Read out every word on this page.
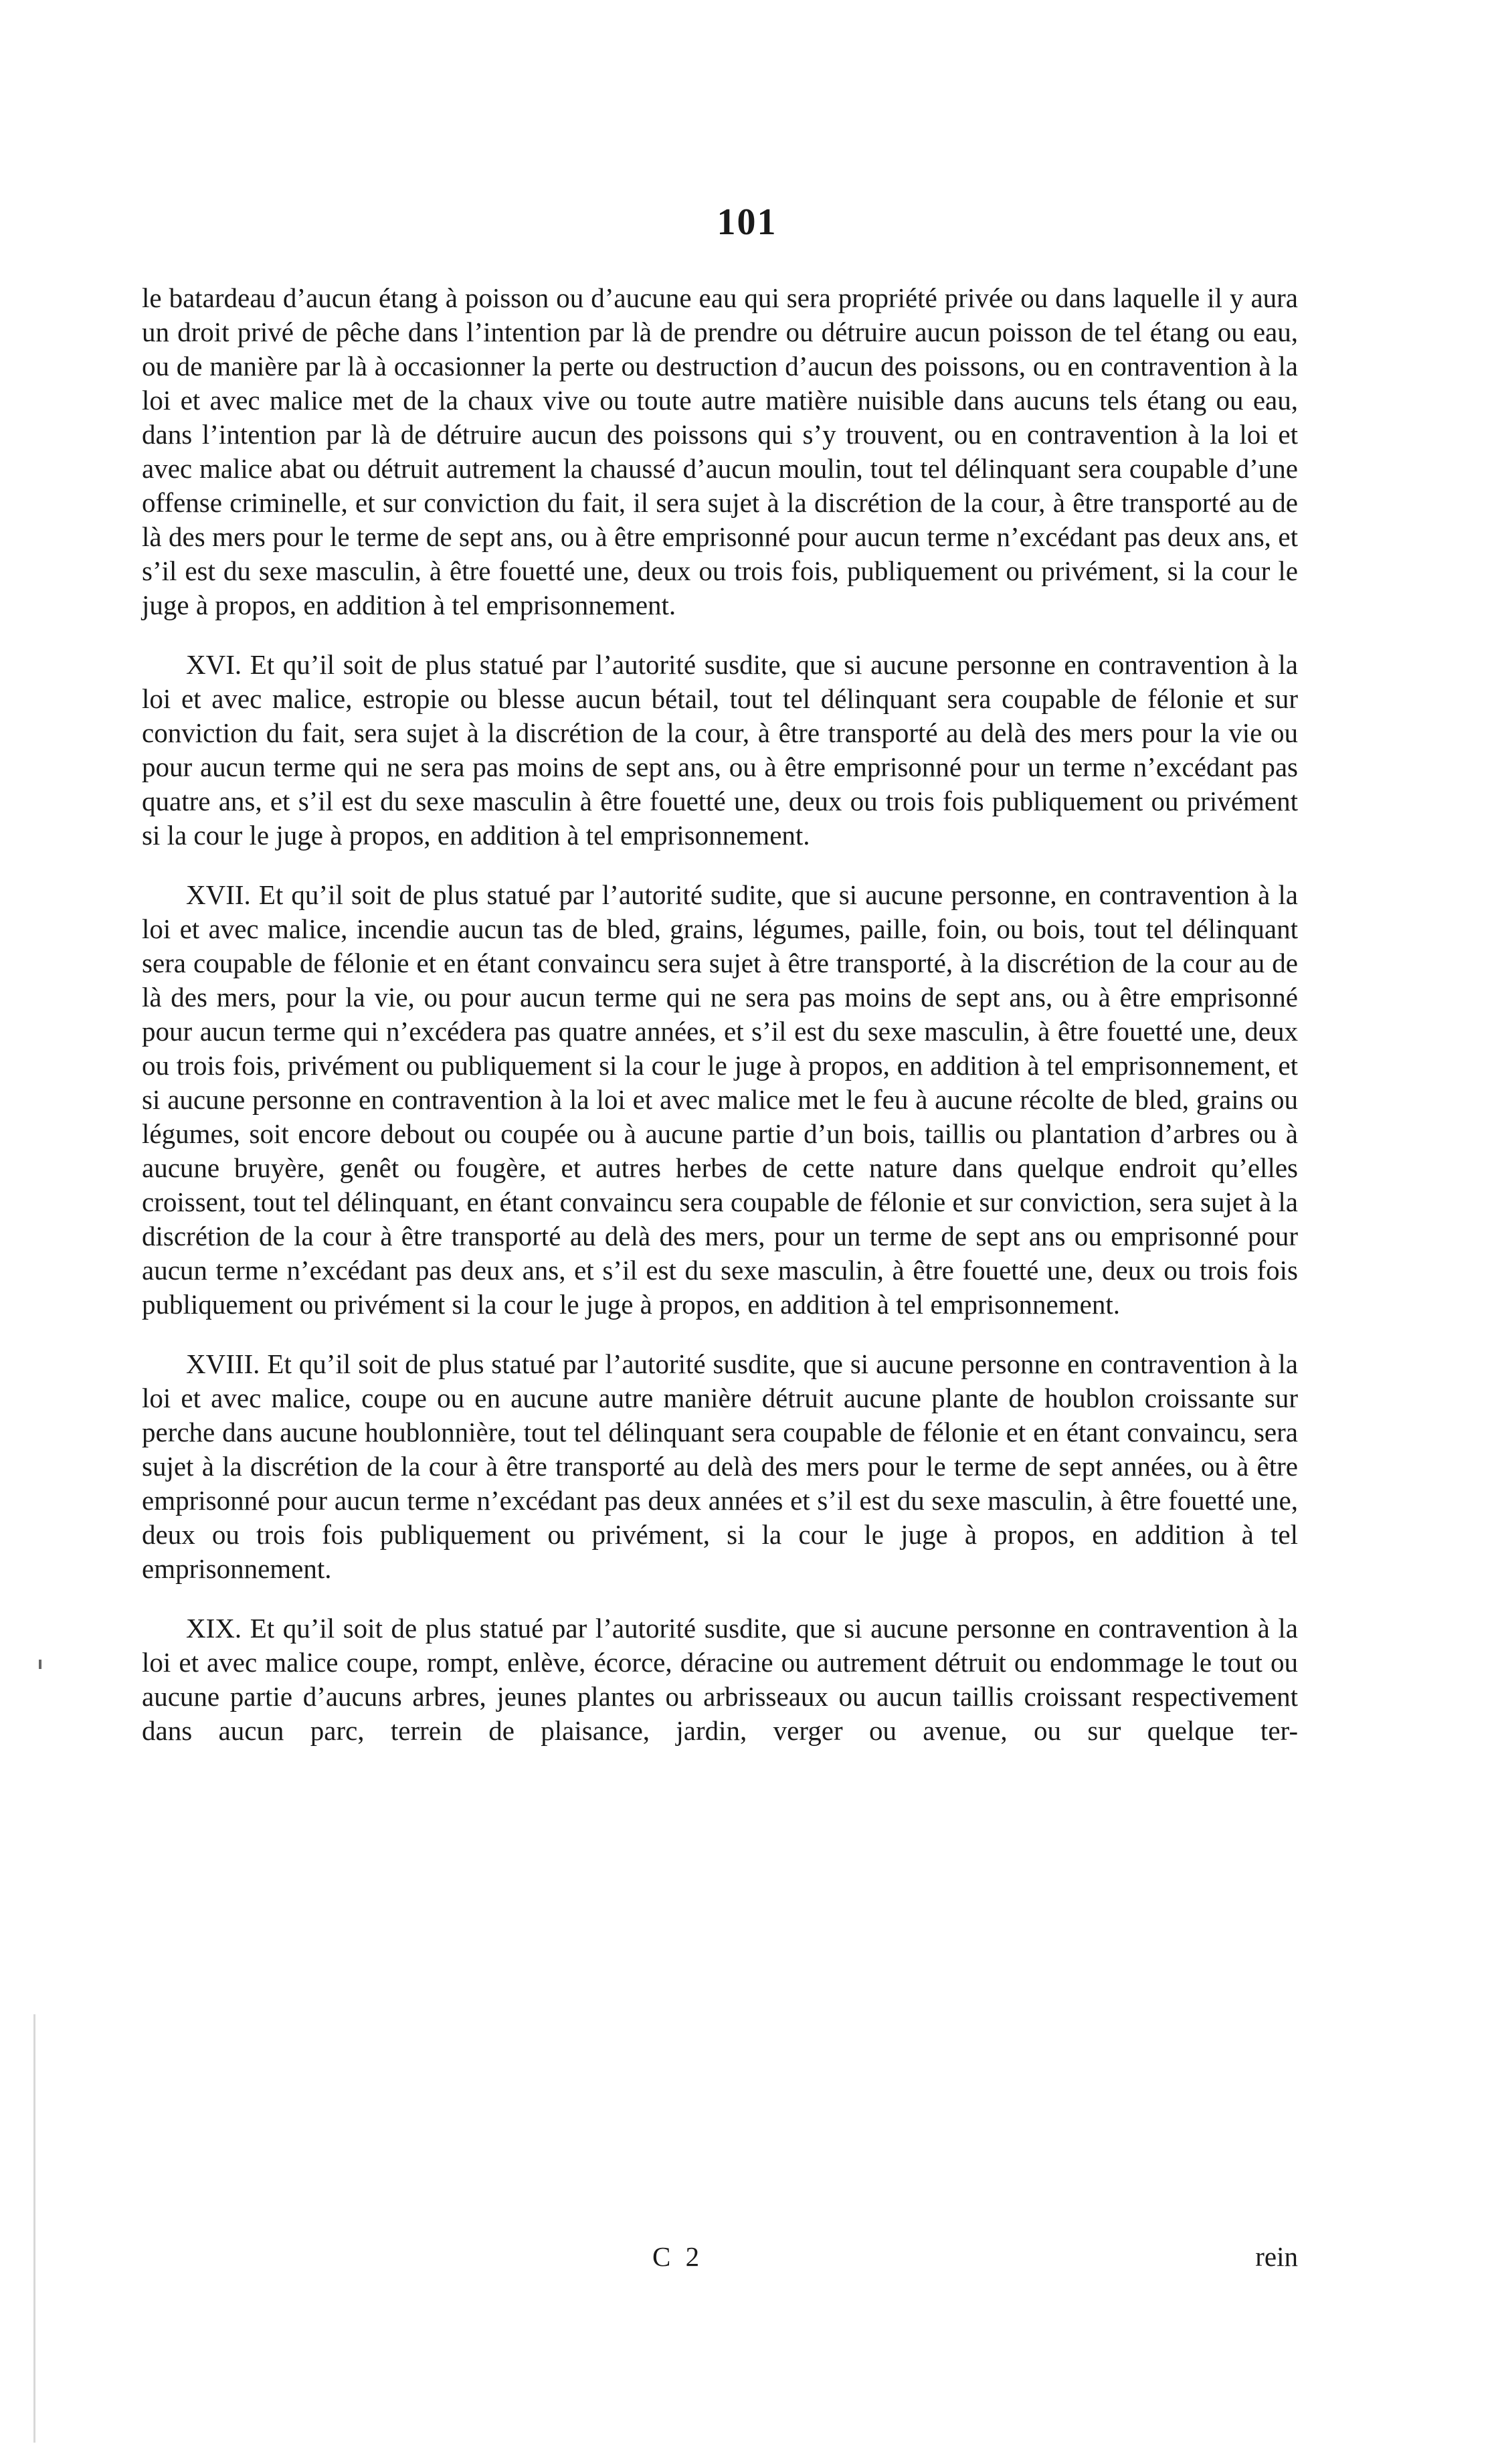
101

le batardeau d’aucun étang à poisson ou d’aucune eau qui sera propriété privée ou dans laquelle il y aura un droit privé de pêche dans l’intention par là de prendre ou détruire aucun poisson de tel étang ou eau, ou de manière par là à occasionner la perte ou destruction d’aucun des poissons, ou en contravention à la loi et avec malice met de la chaux vive ou toute autre matière nuisible dans aucuns tels étang ou eau, dans l’intention par là de détruire aucun des poissons qui s’y trouvent, ou en contravention à la loi et avec malice abat ou détruit autrement la chaussé d’aucun moulin, tout tel délinquant sera coupable d’une offense criminelle, et sur conviction du fait, il sera sujet à la discrétion de la cour, à être transporté au de là des mers pour le terme de sept ans, ou à être emprisonné pour aucun terme n’excédant pas deux ans, et s’il est du sexe masculin, à être fouetté une, deux ou trois fois, publiquement ou privément, si la cour le juge à propos, en addition à tel emprisonnement.

XVI. Et qu’il soit de plus statué par l’autorité susdite, que si aucune personne en contravention à la loi et avec malice, estropie ou blesse aucun bétail, tout tel délinquant sera coupable de félonie et sur conviction du fait, sera sujet à la discrétion de la cour, à être transporté au delà des mers pour la vie ou pour aucun terme qui ne sera pas moins de sept ans, ou à être emprisonné pour un terme n’excédant pas quatre ans, et s’il est du sexe masculin à être fouetté une, deux ou trois fois publiquement ou privément si la cour le juge à propos, en addition à tel emprisonnement.

XVII. Et qu’il soit de plus statué par l’autorité sudite, que si aucune personne, en contravention à la loi et avec malice, incendie aucun tas de bled, grains, légumes, paille, foin, ou bois, tout tel délinquant sera coupable de félonie et en étant convaincu sera sujet à être transporté, à la discrétion de la cour au de là des mers, pour la vie, ou pour aucun terme qui ne sera pas moins de sept ans, ou à être emprisonné pour aucun terme qui n’excédera pas quatre années, et s’il est du sexe masculin, à être fouetté une, deux ou trois fois, privément ou publiquement si la cour le juge à propos, en addition à tel emprisonnement, et si aucune personne en contravention à la loi et avec malice met le feu à aucune récolte de bled, grains ou légumes, soit encore debout ou coupée ou à aucune partie d’un bois, taillis ou plantation d’arbres ou à aucune bruyère, genêt ou fougère, et autres herbes de cette nature dans quelque endroit qu’elles croissent, tout tel délinquant, en étant convaincu sera coupable de félonie et sur conviction, sera sujet à la discrétion de la cour à être transporté au delà des mers, pour un terme de sept ans ou emprisonné pour aucun terme n’excédant pas deux ans, et s’il est du sexe masculin, à être fouetté une, deux ou trois fois publiquement ou privément si la cour le juge à propos, en addition à tel emprisonnement.

XVIII. Et qu’il soit de plus statué par l’autorité susdite, que si aucune personne en contravention à la loi et avec malice, coupe ou en aucune autre manière détruit aucune plante de houblon croissante sur perche dans aucune houblonnière, tout tel délinquant sera coupable de félonie et en étant convaincu, sera sujet à la discrétion de la cour à être transporté au delà des mers pour le terme de sept années, ou à être emprisonné pour aucun terme n’excédant pas deux années et s’il est du sexe masculin, à être fouetté une, deux ou trois fois publiquement ou privément, si la cour le juge à propos, en addition à tel emprisonnement.

XIX. Et qu’il soit de plus statué par l’autorité susdite, que si aucune personne en contravention à la loi et avec malice coupe, rompt, enlève, écorce, déracine ou autrement détruit ou endommage le tout ou aucune partie d’aucuns arbres, jeunes plantes ou arbrisseaux ou aucun taillis croissant respectivement dans aucun parc, terrein de plaisance, jardin, verger ou avenue, ou sur quelque ter-

C 2	rein
